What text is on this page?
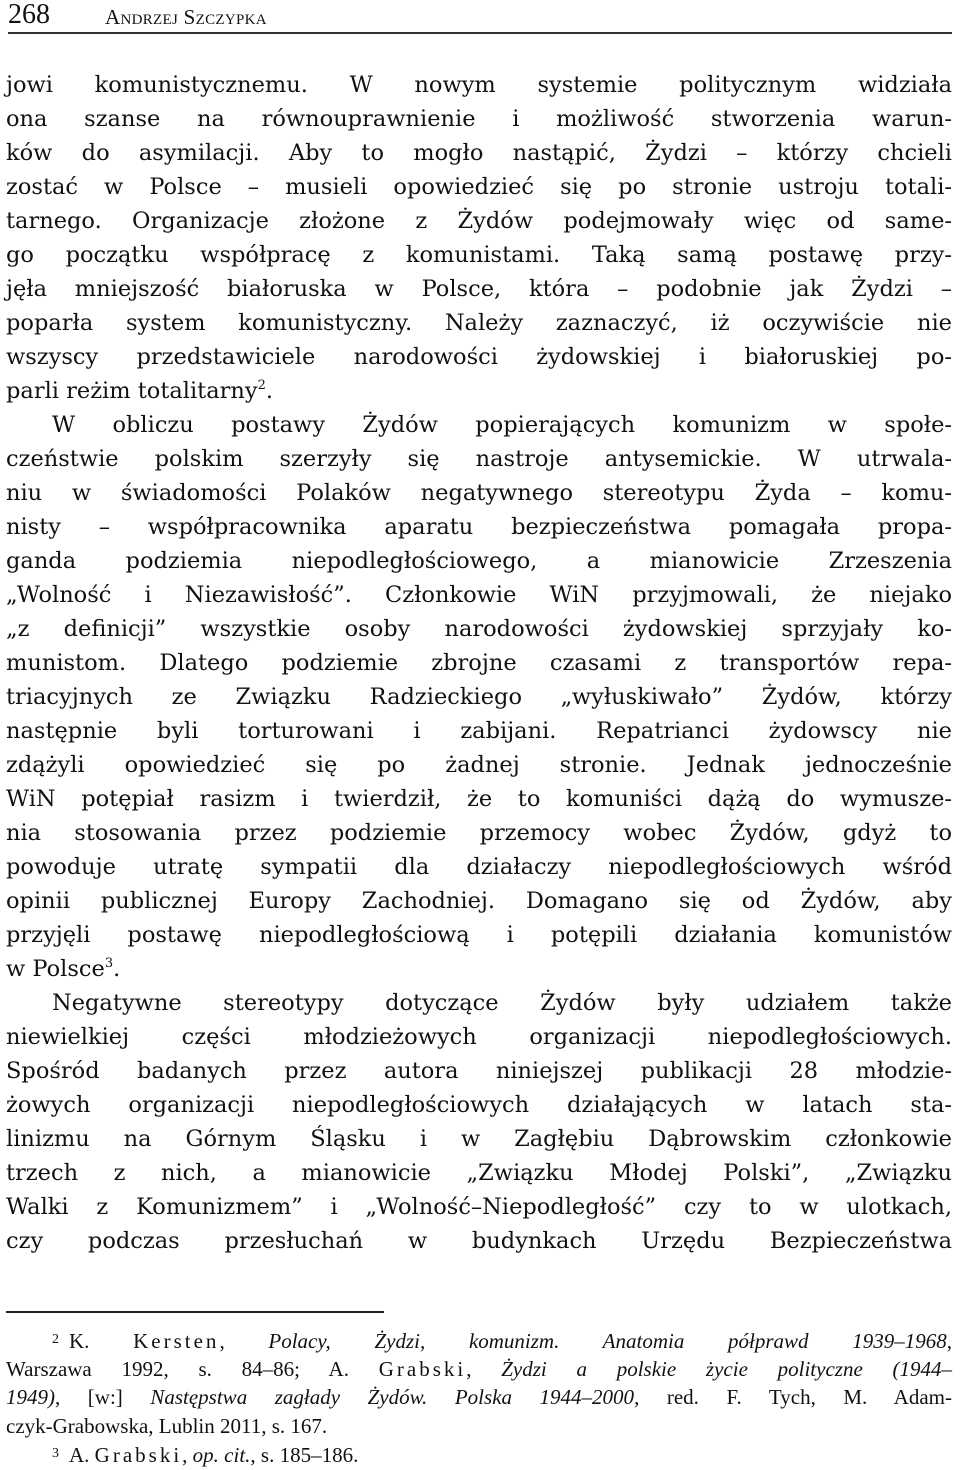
268	Andrzej Szczypka
jowi komunistycznemu. W nowym systemie politycznym widziała
ona szanse na równouprawnienie i możliwość stworzenia warun-
ków do asymilacji. Aby to mogło nastąpić, Żydzi – którzy chcieli
zostać w Polsce – musieli opowiedzieć się po stronie ustroju totali-
tarnego. Organizacje złożone z Żydów podejmowały więc od same-
go początku współpracę z komunistami. Taką samą postawę przy-
jęła mniejszość białoruska w Polsce, która – podobnie jak Żydzi –
poparła system komunistyczny. Należy zaznaczyć, iż oczywiście nie
wszyscy przedstawiciele narodowości żydowskiej i białoruskiej po-
parli reżim totalitarny$^2$.
W obliczu postawy Żydów popierających komunizm w społe-
czeństwie polskim szerzyły się nastroje antysemickie. W utrwala-
niu w świadomości Polaków negatywnego stereotypu Żyda – komu-
nisty – współpracownika aparatu bezpieczeństwa pomagała propa-
ganda podziemia niepodległościowego, a mianowicie Zrzeszenia
„Wolność i Niezawisłość”. Członkowie WiN przyjmowali, że niejako
„z definicji” wszystkie osoby narodowości żydowskiej sprzyjały ko-
munistom. Dlatego podziemie zbrojne czasami z transportów repa-
triacyjnych ze Związku Radzieckiego „wyłuskiwało” Żydów, którzy
następnie byli torturowani i zabijani. Repatrianci żydowscy nie
zdążyli opowiedzieć się po żadnej stronie. Jednak jednocześnie
WiN potępiał rasizm i twierdził, że to komuniści dążą do wymusze-
nia stosowania przez podziemie przemocy wobec Żydów, gdyż to
powoduje utratę sympatii dla działaczy niepodległościowych wśród
opinii publicznej Europy Zachodniej. Domagano się od Żydów, aby
przyjęli postawę niepodległościową i potępili działania komunistów
w Polsce$^3$.
Negatywne stereotypy dotyczące Żydów były udziałem także
niewielkiej części młodzieżowych organizacji niepodległościowych.
Spośród badanych przez autora niniejszej publikacji 28 młodzie-
żowych organizacji niepodległościowych działających w latach sta-
linizmu na Górnym Śląsku i w Zagłębiu Dąbrowskim członkowie
trzech z nich, a mianowicie „Związku Młodej Polski”, „Związku
Walki z Komunizmem” i „Wolność–Niepodległość” czy to w ulotkach,
czy podczas przesłuchań w budynkach Urzędu Bezpieczeństwa
$^2$ K. Kersten, Polacy, Żydzi, komunizm. Anatomia półprawd 1939–1968,
Warszawa 1992, s. 84–86; A. Grabski, Żydzi a polskie życie polityczne (1944–
1949), [w:] Następstwa zagłady Żydów. Polska 1944–2000, red. F. Tych, M. Adam-
czyk-Grabowska, Lublin 2011, s. 167.
$^3$ A. Grabski, op. cit., s. 185–186.
